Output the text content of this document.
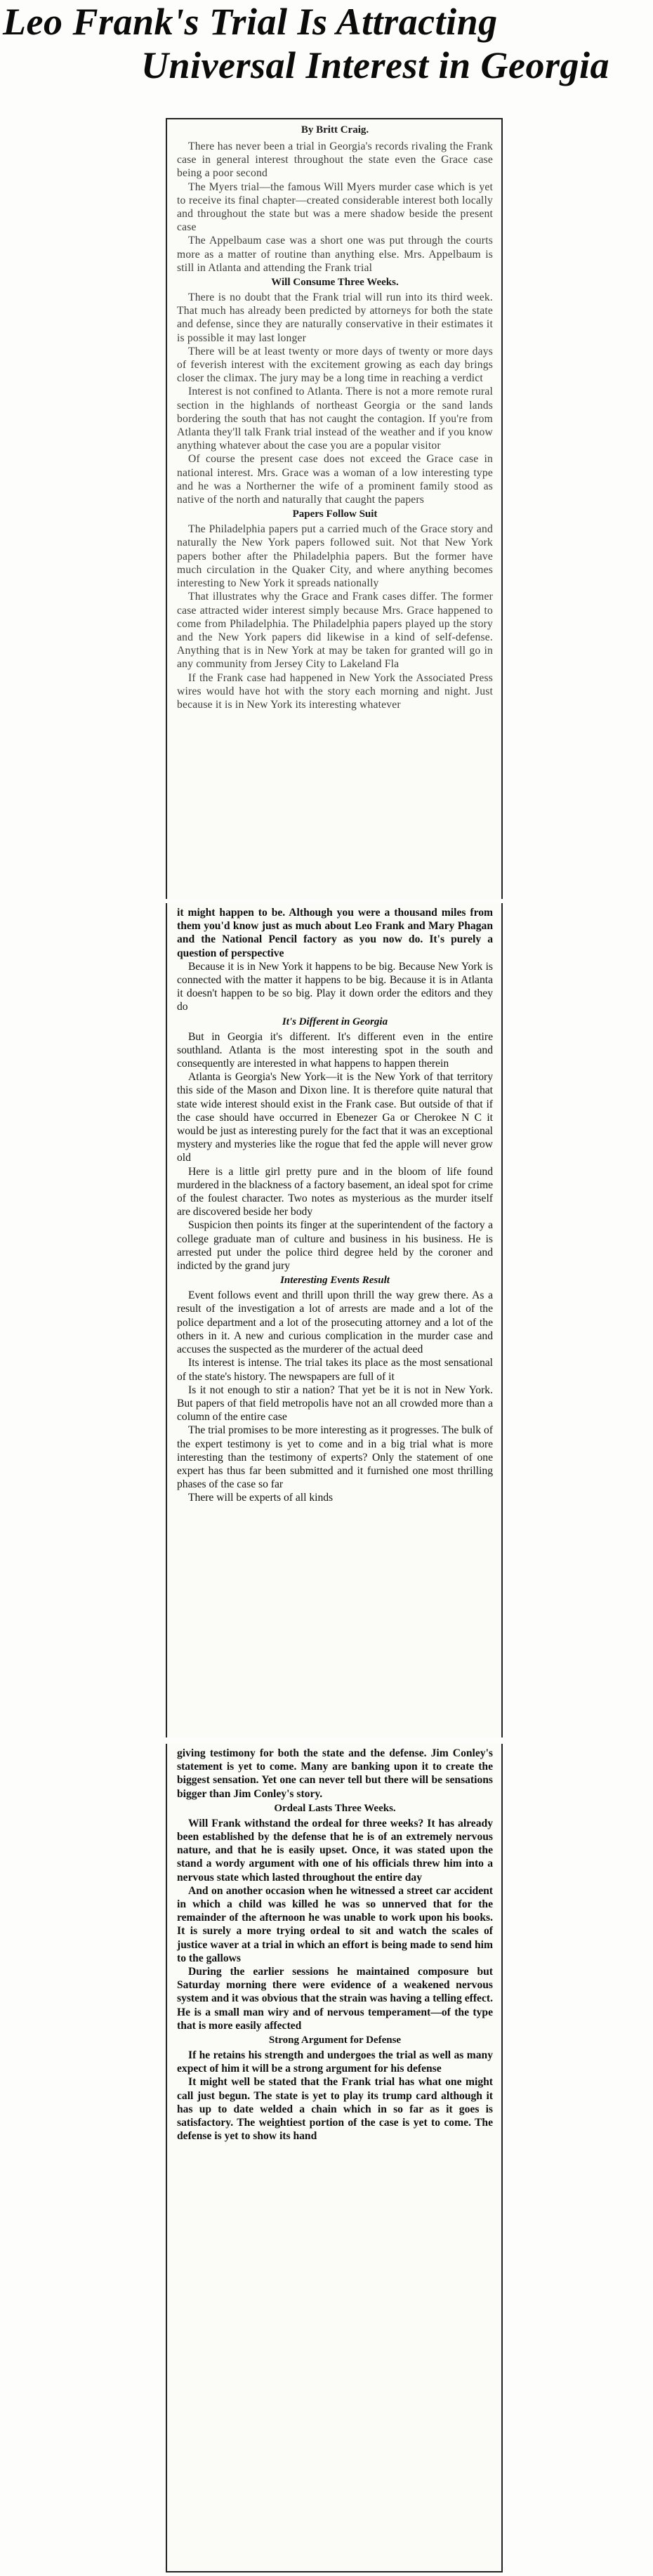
Leo Frank's Trial Is Attracting
Universal Interest in Georgia
By Britt Craig.

There has never been a trial in Georgia's records rivaling the Frank case in general interest throughout the state even the Grace case being a poor second

The Myers trial—the famous Will Myers murder case which is yet to receive its final chapter—created considerable interest both locally and throughout the state but was a mere shadow beside the present case

The Appelbaum case was a short one was put through the courts more as a matter of routine than anything else. Mrs. Appelbaum is still in Atlanta and attending the Frank trial

Will Consume Three Weeks.

There is no doubt that the Frank trial will run into its third week. That much has already been predicted by attorneys for both the state and defense, since they are naturally conservative in their estimates it is possible it may last longer

There will be at least twenty or more days of twenty or more days of feverish interest with the excitement growing as each day brings closer the climax. The jury may be a long time in reaching a verdict

Interest is not confined to Atlanta. There is not a more remote rural section in the highlands of northeast Georgia or the sand lands bordering the south that has not caught the contagion. If you're from Atlanta they'll talk Frank trial instead of the weather and if you know anything whatever about the case you are a popular visitor

Of course the present case does not exceed the Grace case in national interest. Mrs. Grace was a woman of a low interesting type and he was a Northerner the wife of a prominent family stood as native of the north and naturally that caught the papers

Papers Follow Suit

The Philadelphia papers put a carried much of the Grace story and naturally the New York papers followed suit. Not that New York papers bother after the Philadelphia papers. But the former have much circulation in the Quaker City, and where anything becomes interesting to New York it spreads nationally

That illustrates why the Grace and Frank cases differ. The former case attracted wider interest simply because Mrs. Grace happened to come from Philadelphia. The Philadelphia papers played up the story and the New York papers did likewise in a kind of self-defense. Anything that is in New York at may be taken for granted will go in any community from Jersey City to Lakeland Fla

If the Frank case had happened in New York the Associated Press wires would have hot with the story each morning and night. Just because it is in New York its interesting whatever

it might happen to be. Although you were a thousand miles from them you'd know just as much about Leo Frank and Mary Phagan and the National Pencil factory as you now do. It's purely a question of perspective

Because it is in New York it happens to be big. Because New York is connected with the matter it happens to be big. Because it is in Atlanta it doesn't happen to be so big. Play it down order the editors and they do

It's Different in Georgia

But in Georgia it's different. It's different even in the entire southland. Atlanta is the most interesting spot in the south and consequently are interested in what happens to happen therein

Atlanta is Georgia's New York—it is the New York of that territory this side of the Mason and Dixon line. It is therefore quite natural that state wide interest should exist in the Frank case. But outside of that if the case should have occurred in Ebenezer Ga or Cherokee N C it would be just as interesting purely for the fact that it was an exceptional mystery and mysteries like the rogue that fed the apple will never grow old

Here is a little girl pretty pure and in the bloom of life found murdered in the blackness of a factory basement, an ideal spot for crime of the foulest character. Two notes as mysterious as the murder itself are discovered beside her body

Suspicion then points its finger at the superintendent of the factory a college graduate man of culture and business in his business. He is arrested put under the police third degree held by the coroner and indicted by the grand jury

Interesting Events Result

Event follows event and thrill upon thrill the way grew there. As a result of the investigation a lot of arrests are made and a lot of the police department and a lot of the prosecuting attorney and a lot of the others in it. A new and curious complication in the murder case and accuses the suspected as the murderer of the actual deed

Its interest is intense. The trial takes its place as the most sensational of the state's history. The newspapers are full of it

Is it not enough to stir a nation? That yet be it is not in New York. But papers of that field metropolis have not an all crowded more than a column of the entire case

The trial promises to be more interesting as it progresses. The bulk of the expert testimony is yet to come and in a big trial what is more interesting than the testimony of experts? Only the statement of one expert has thus far been submitted and it furnished one most thrilling phases of the case so far

There will be experts of all kinds

giving testimony for both the state and the defense. Jim Conley's statement is yet to come. Many are banking upon it to create the biggest sensation. Yet one can never tell but there will be sensations bigger than Jim Conley's story.

Ordeal Lasts Three Weeks.

Will Frank withstand the ordeal for three weeks? It has already been established by the defense that he is of an extremely nervous nature, and that he is easily upset. Once, it was stated upon the stand a wordy argument with one of his officials threw him into a nervous state which lasted throughout the entire day

And on another occasion when he witnessed a street car accident in which a child was killed he was so unnerved that for the remainder of the afternoon he was unable to work upon his books. It is surely a more trying ordeal to sit and watch the scales of justice waver at a trial in which an effort is being made to send him to the gallows

During the earlier sessions he maintained composure but Saturday morning there were evidence of a weakened nervous system and it was obvious that the strain was having a telling effect. He is a small man wiry and of nervous temperament—of the type that is more easily affected

Strong Argument for Defense

If he retains his strength and undergoes the trial as well as many expect of him it will be a strong argument for his defense

It might well be stated that the Frank trial has what one might call just begun. The state is yet to play its trump card although it has up to date welded a chain which in so far as it goes is satisfactory. The weightiest portion of the case is yet to come. The defense is yet to show its hand
